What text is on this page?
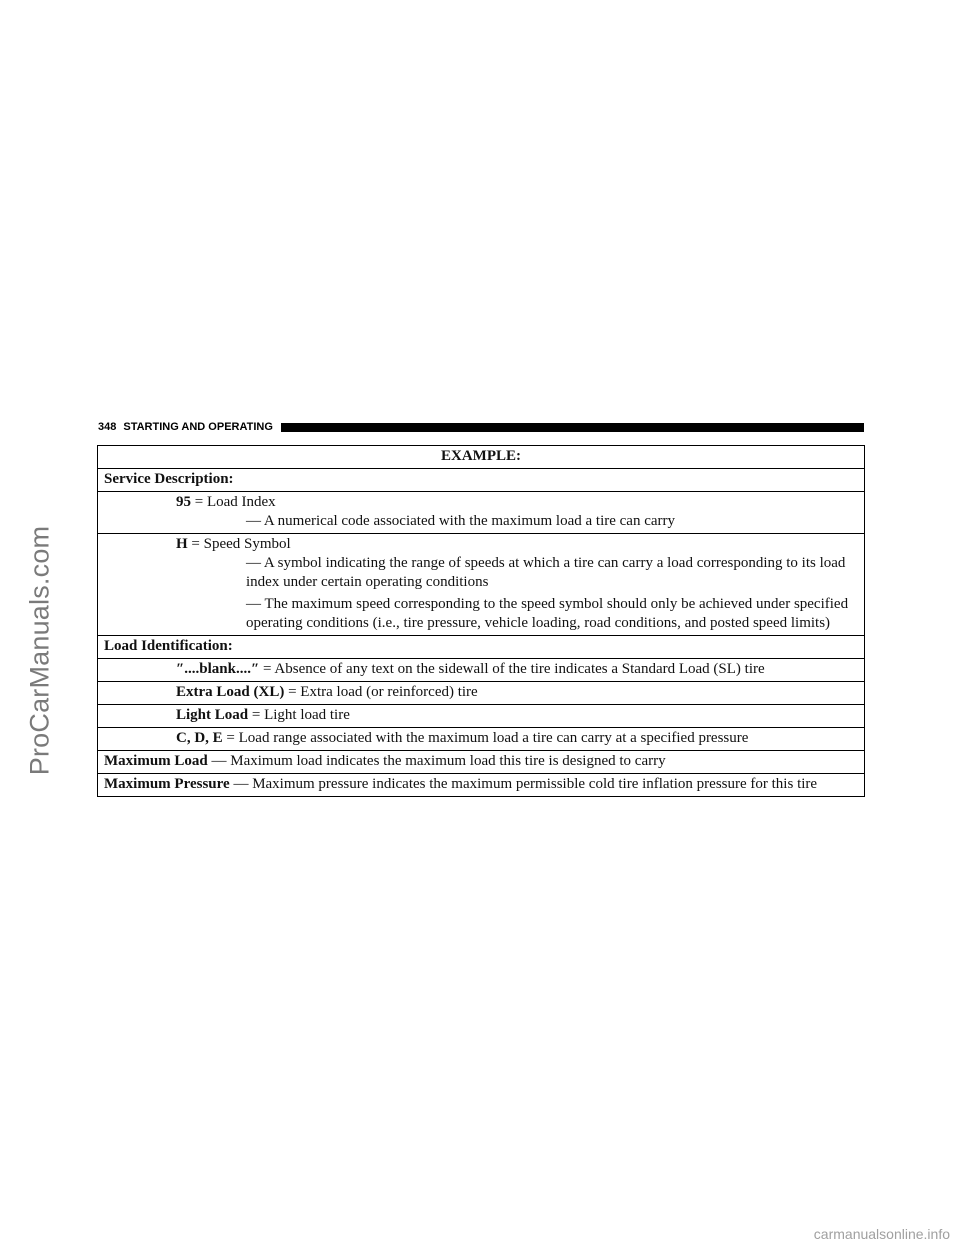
ProCarManuals.com
348 STARTING AND OPERATING
EXAMPLE:
Service Description:
95 = Load Index
— A numerical code associated with the maximum load a tire can carry
H = Speed Symbol
— A symbol indicating the range of speeds at which a tire can carry a load corresponding to its load index under certain operating conditions
— The maximum speed corresponding to the speed symbol should only be achieved under specified operating conditions (i.e., tire pressure, vehicle loading, road conditions, and posted speed limits)
Load Identification:
″....blank....″ = Absence of any text on the sidewall of the tire indicates a Standard Load (SL) tire
Extra Load (XL) = Extra load (or reinforced) tire
Light Load = Light load tire
C, D, E = Load range associated with the maximum load a tire can carry at a specified pressure
Maximum Load — Maximum load indicates the maximum load this tire is designed to carry
Maximum Pressure — Maximum pressure indicates the maximum permissible cold tire inflation pressure for this tire
carmanualsonline.info
